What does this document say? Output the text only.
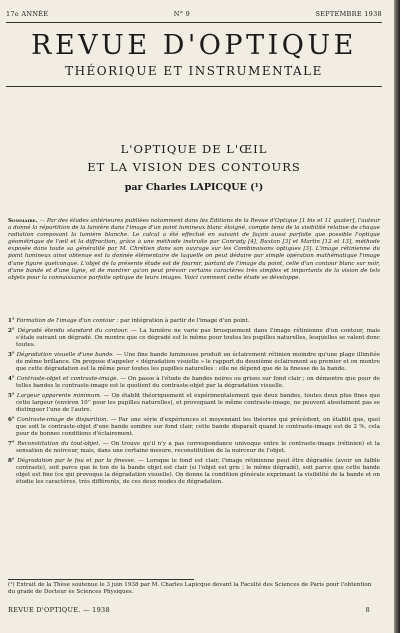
17e ANNÉE	N° 9	SEPTEMBRE 1938
REVUE D'OPTIQUE
THÉORIQUE ET INSTRUMENTALE
L'OPTIQUE DE L'ŒIL
ET LA VISION DES CONTOURS
par Charles LAPICQUE (¹)
Sommaire. — Par des études antérieures publiées notamment dans les Éditions de la Revue d'Optique [1 bis et 11 quater], l'auteur a donné la répartition de la lumière dans l'image d'un point lumineux blanc éloigné, compte tenu de la visibilité relative de chaque radiation composant la lumière blanche. Le calcul a été effectué en suivant de façon aussi parfaite que possible l'optique géométrique de l'œil et la diffraction, grâce à une méthode instruite par Conrady [4], Buxton [3] et Martin [12 et 13], méthode exposée dans toute sa généralité par M. Chrétien dans son ouvrage sur les Combinaisons optiques [3]. L'image rétinienne du point lumineux ainsi obtenue est la donnée élémentaire de laquelle on peut déduire par simple opération mathématique l'image d'une figure quelconque. L'objet de la présente étude est de fournir, partant de l'image du point, celle d'un contour blanc sur noir, d'une bande et d'une ligne, et de montrer qu'on peut prévoir certains caractères très simples et importants de la vision de tels objets pour la connaissance parfaite optique de leurs images. Voici comment cette étude se développe.
1° Formation de l'image d'un contour : par intégration à partir de l'image d'un point.
2° Dégradé étendu standard du contour. — La lumière ne varie pas brusquement dans l'image rétinienne d'un contour, mais s'étale suivant un dégradé. On montre que ce dégradé est le même pour toutes les pupilles naturelles, lesquelles se valent donc toutes.
3° Dégradation visuelle d'une bande. — Une fine bande lumineuse produit un éclairement rétinien moindre qu'une plage illimitée de même brillance. On propose d'appeler « dégradation visuelle » le rapport du deuxième éclairement au premier et on montre que cette dégradation est la même pour toutes les pupilles naturelles : elle ne dépend que de la finesse de la bande.
4° Contraste-objet et contraste-image. — On passe à l'étude de bandes noires ou grises sur fond clair ; on démontre que pour de telles bandes le contraste-image est le quotient du contraste-objet par la dégradation visuelle.
5° Largeur apparente minimum. — On établit théoriquement et expérimentalement que deux bandes, toutes deux plus fines que cette largeur (environ 10'' pour les pupilles naturelles), et provoquant le même contraste-image, ne peuvent absolument pas se distinguer l'une de l'autre.
6° Contraste-image de disparition. — Par une série d'expériences et moyennant les théories qui précèdent, on établit que, quel que soit le contraste-objet d'une bande sombre sur fond clair, cette bande disparaît quand le contraste-image est de 2 %, cela pour de bonnes conditions d'éclairement.
7° Reconstitution du tout-objet. — On trouve qu'il n'y a pas correspondance univoque entre le contraste-image (rétinien) et la sensation de noirceur, mais, dans une certaine mesure, reconstitution de la noirceur de l'objet.
8° Dégradation par le fou et par la finesse. — Lorsque le fond est clair, l'image rétinienne peut être dégradée (avoir un faible contraste), soit parce que le ton de la bande objet est clair (si l'objet est gris ; le même dégradé), soit parce que cette bande objet est fine (ce qui provoque la dégradation visuelle). On donne la condition générale exprimant la visibilité de la bande et on étudie les caractères, très différents, de ces deux modes de dégradation.
(¹) Extrait de la Thèse soutenue le 3 juin 1938 par M. Charles Lapicque devant la Faculté des Sciences de Paris pour l'obtention du grade de Docteur ès Sciences Physiques.
REVUE D'OPTIQUE. — 1938	8
